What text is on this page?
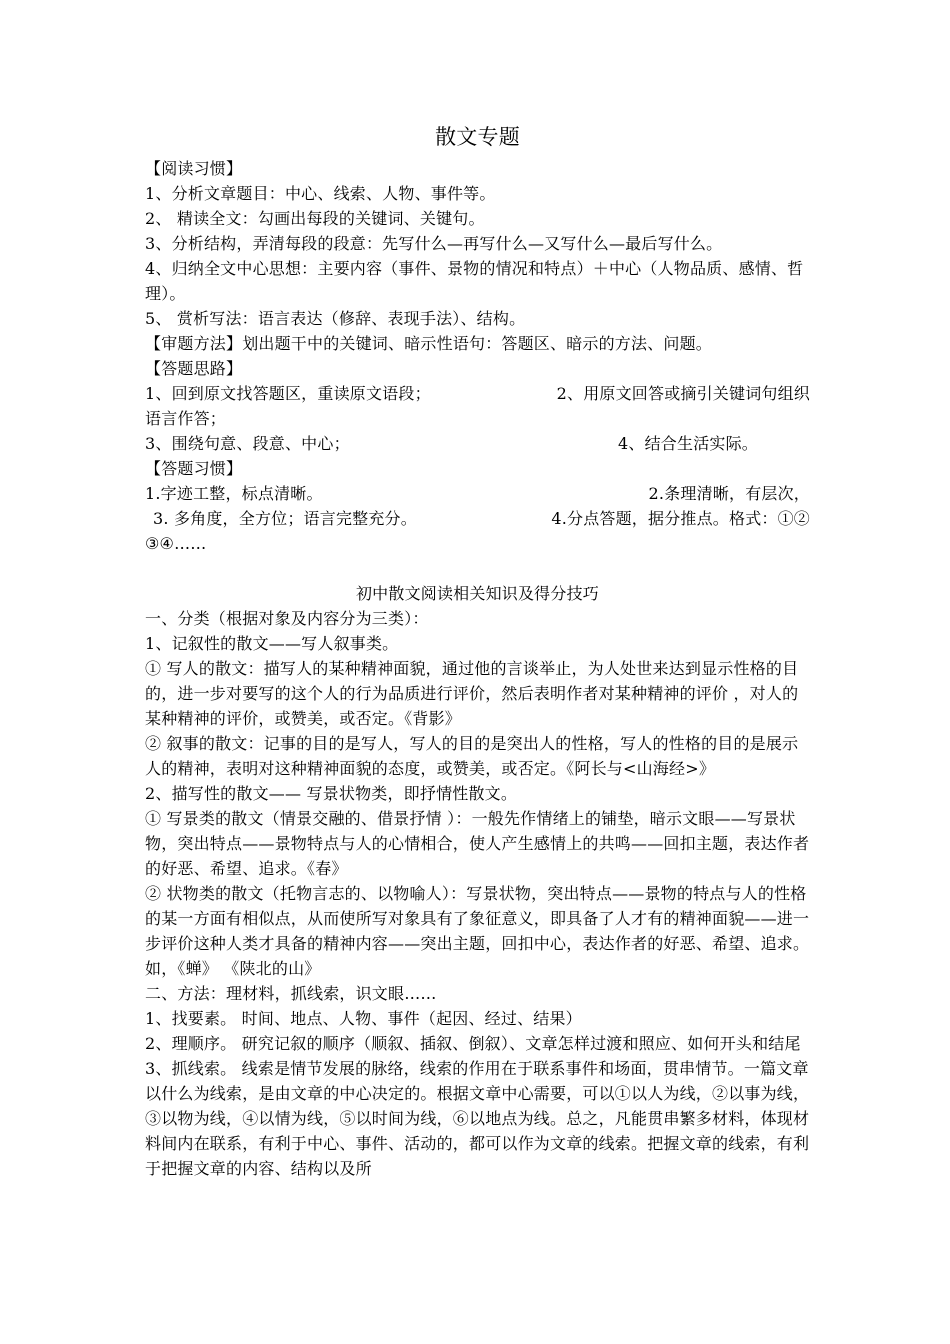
散文专题
【阅读习惯】
1、分析文章题目：中心、线索、人物、事件等。
2、 精读全文：勾画出每段的关键词、关键句。
3、分析结构，弄清每段的段意：先写什么—再写什么—又写什么—最后写什么。
4、归纳全文中心思想：主要内容（事件、景物的情况和特点）＋中心（人物品质、感情、哲理）。
5、 赏析写法：语言表达（修辞、表现手法）、结构。
【审题方法】划出题干中的关键词、暗示性语句：答题区、暗示的方法、问题。
【答题思路】
1、回到原文找答题区，重读原文语段；	2、用原文回答或摘引关键词句组织
语言作答；
3、围绕句意、段意、中心；	4、结合生活实际。
【答题习惯】
1.字迹工整，标点清晰。	2.条理清晰，有层次，
3. 多角度，全方位；语言完整充分。	4.分点答题，据分推点。格式：①②
③④……
初中散文阅读相关知识及得分技巧
一、分类（根据对象及内容分为三类）：
1、记叙性的散文——写人叙事类。
① 写人的散文：描写人的某种精神面貌，通过他的言谈举止，为人处世来达到显示性格的目的，进一步对要写的这个人的行为品质进行评价，然后表明作者对某种精神的评价 ，对人的某种精神的评价，或赞美，或否定。《背影》
② 叙事的散文：记事的目的是写人，写人的目的是突出人的性格，写人的性格的目的是展示人的精神，表明对这种精神面貌的态度，或赞美，或否定。《阿长与<山海经>》
2、描写性的散文—— 写景状物类，即抒情性散文。
① 写景类的散文（情景交融的、借景抒情 ）：一般先作情绪上的铺垫，暗示文眼——写景状物，突出特点——景物特点与人的心情相合，使人产生感情上的共鸣——回扣主题，表达作者的好恶、希望、追求。《春》
② 状物类的散文（托物言志的、以物喻人）：写景状物，突出特点——景物的特点与人的性格的某一方面有相似点，从而使所写对象具有了象征意义，即具备了人才有的精神面貌——进一步评价这种人类才具备的精神内容——突出主题，回扣中心，表达作者的好恶、希望、追求。如，《蝉》 《陕北的山》
二、方法：理材料，抓线索，识文眼……
1、找要素。 时间、地点、人物、事件（起因、经过、结果）
2、理顺序。 研究记叙的顺序（顺叙、插叙、倒叙）、文章怎样过渡和照应、如何开头和结尾
3、抓线索。 线索是情节发展的脉络，线索的作用在于联系事件和场面，贯串情节。一篇文章以什么为线索，是由文章的中心决定的。根据文章中心需要，可以①以人为线，②以事为线，③以物为线，④以情为线，⑤以时间为线，⑥以地点为线。总之，凡能贯串繁多材料，体现材料间内在联系，有利于中心、事件、活动的，都可以作为文章的线索。把握文章的线索，有利于把握文章的内容、结构以及所
